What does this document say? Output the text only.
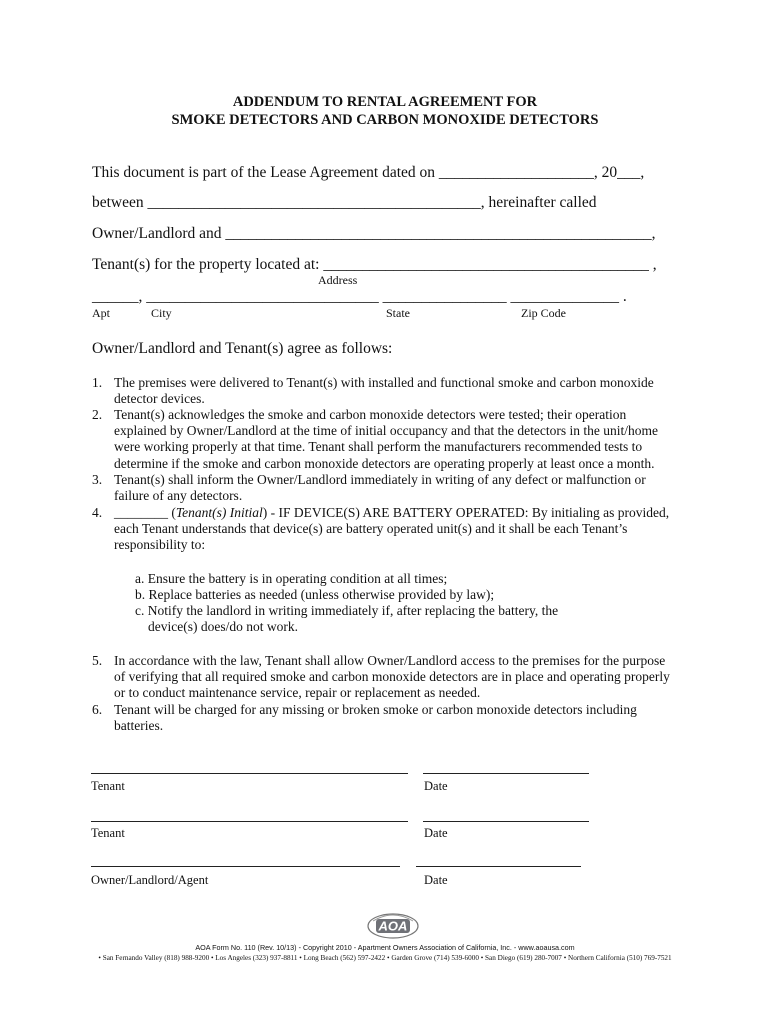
ADDENDUM TO RENTAL AGREEMENT FOR
SMOKE DETECTORS AND CARBON MONOXIDE DETECTORS
This document is part of the Lease Agreement dated on ____________________, 20___,
between ___________________________________________, hereinafter called
Owner/Landlord and _______________________________________________________,
Tenant(s) for the property located at: __________________________________________ ,
Address
______, ______________________________ ________________ ______________ .
Apt	City	State	Zip Code
Owner/Landlord and Tenant(s) agree as follows:
1. The premises were delivered to Tenant(s) with installed and functional smoke and carbon monoxide detector devices.
2. Tenant(s) acknowledges the smoke and carbon monoxide detectors were tested; their operation explained by Owner/Landlord at the time of initial occupancy and that the detectors in the unit/home were working properly at that time. Tenant shall perform the manufacturers recommended tests to determine if the smoke and carbon monoxide detectors are operating properly at least once a month.
3. Tenant(s) shall inform the Owner/Landlord immediately in writing of any defect or malfunction or failure of any detectors.
4. ________ (Tenant(s) Initial) - IF DEVICE(S) ARE BATTERY OPERATED: By initialing as provided, each Tenant understands that device(s) are battery operated unit(s) and it shall be each Tenant’s responsibility to:
a. Ensure the battery is in operating condition at all times;
b. Replace batteries as needed (unless otherwise provided by law);
c. Notify the landlord in writing immediately if, after replacing the battery, the
device(s) does/do not work.
5. In accordance with the law, Tenant shall allow Owner/Landlord access to the premises for the purpose of verifying that all required smoke and carbon monoxide detectors are in place and operating properly or to conduct maintenance service, repair or replacement as needed.
6. Tenant will be charged for any missing or broken smoke or carbon monoxide detectors including batteries.
Tenant	Date
Tenant	Date
Owner/Landlord/Agent	Date
AOA
AOA Form No. 110 (Rev. 10/13) - Copyright 2010 - Apartment Owners Association of California, Inc. - www.aoausa.com
• San Fernando Valley (818) 988-9200 • Los Angeles (323) 937-8811 • Long Beach (562) 597-2422 • Garden Grove (714) 539-6000 • San Diego (619) 280-7007 • Northern California (510) 769-7521
